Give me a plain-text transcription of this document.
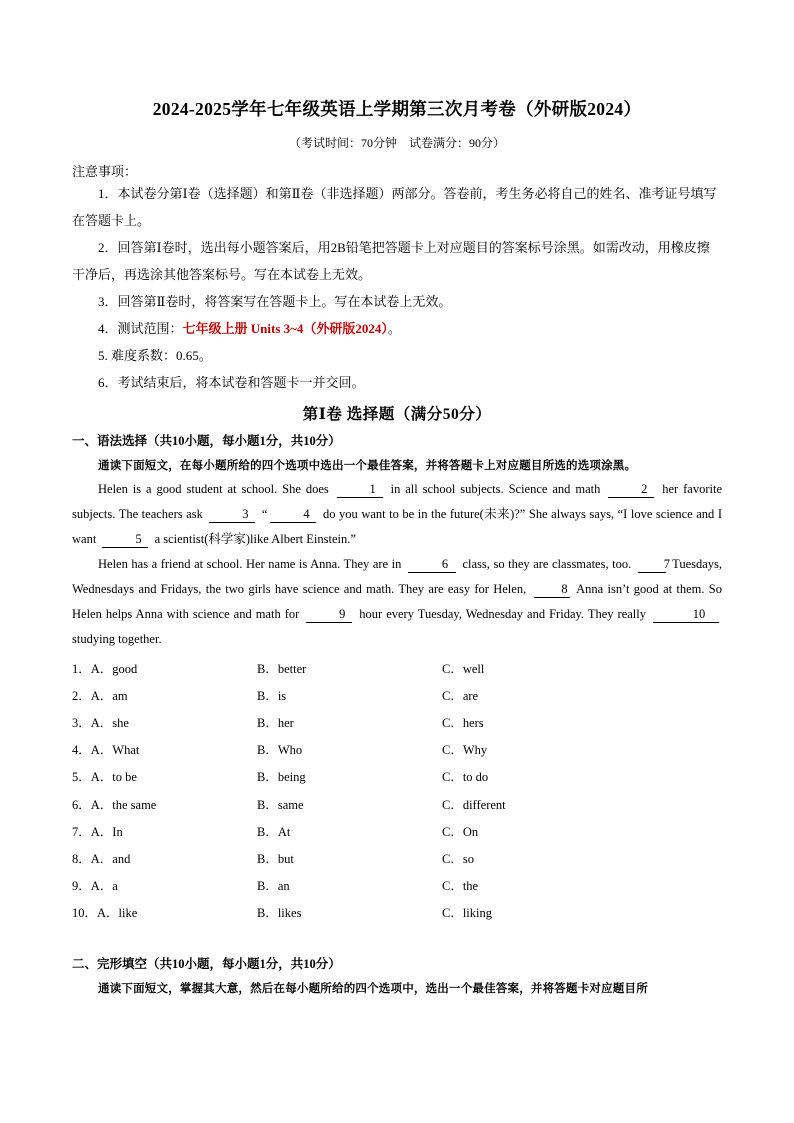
2024-2025学年七年级英语上学期第三次月考卷（外研版2024）
（考试时间：70分钟　试卷满分：90分）
注意事项：
1．本试卷分第Ⅰ卷（选择题）和第Ⅱ卷（非选择题）两部分。答卷前，考生务必将自己的姓名、准考证号填写在答题卡上。
2．回答第Ⅰ卷时，选出每小题答案后，用2B铅笔把答题卡上对应题目的答案标号涂黑。如需改动，用橡皮擦干净后，再选涂其他答案标号。写在本试卷上无效。
3．回答第Ⅱ卷时，将答案写在答题卡上。写在本试卷上无效。
4．测试范围：七年级上册 Units 3~4（外研版2024）。
5. 难度系数：0.65。
6．考试结束后，将本试卷和答题卡一并交回。
第Ⅰ卷 选择题（满分50分）
一、语法选择（共10小题，每小题1分，共10分）
通读下面短文，在每小题所给的四个选项中选出一个最佳答案，并将答题卡上对应题目所选的选项涂黑。
Helen is a good student at school. She does	1 in all school subjects. Science and math	2 her favorite subjects. The teachers ask	3 “	4 do you want to be in the future(未来)?” She always says, “I love science and I want	5 a scientist(科学家)like Albert Einstein.”
Helen has a friend at school. Her name is Anna. They are in	6 class, so they are classmates, too. 7 Tuesdays, Wednesdays and Fridays, the two girls have science and math. They are easy for Helen, 8 Anna isn’t good at them. So Helen helps Anna with science and math for	9 hour every Tuesday, Wednesday and Friday. They really	10 studying together.
1．A．good	B．better	C．well
2．A．am	B．is	C．are
3．A．she	B．her	C．hers
4．A．What	B．Who	C．Why
5．A．to be	B．being	C．to do
6．A．the same	B．same	C．different
7．A．In	B．At	C．On
8．A．and	B．but	C．so
9．A．a	B．an	C．the
10．A．like	B．likes	C．liking
二、完形填空（共10小题，每小题1分，共10分）
通读下面短文，掌握其大意，然后在每小题所给的四个选项中，选出一个最佳答案，并将答题卡对应题目所
